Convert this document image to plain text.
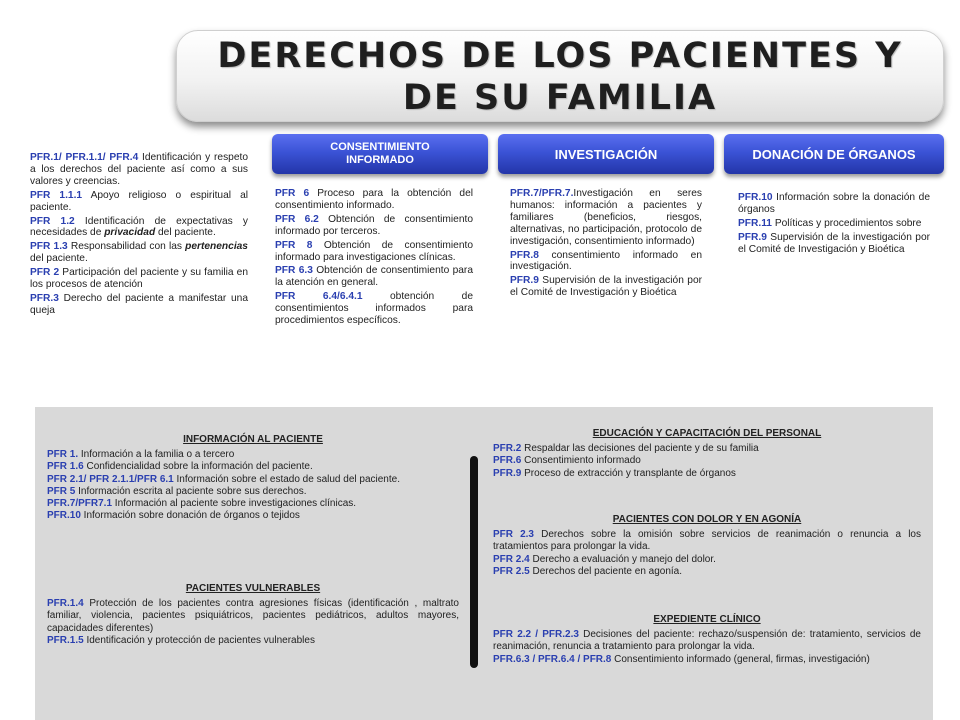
DERECHOS DE LOS PACIENTES Y
DE SU FAMILIA

PFR.1/ PFR.1.1/ PFR.4 Identificación y respeto a los derechos del paciente así como a sus valores y creencias.

PFR 1.1.1 Apoyo religioso o espiritual al paciente.

PFR 1.2 Identificación de expectativas y necesidades de privacidad del paciente.

PFR 1.3 Responsabilidad con las pertenencias del paciente.

PFR 2 Participación del paciente y su familia en los procesos de atención

PFR.3 Derecho del paciente a manifestar una queja

CONSENTIMIENTO
INFORMADO	INVESTIGACIÓN	DONACIÓN DE ÓRGANOS

PFR 6 Proceso para la obtención del consentimiento informado.

PFR 6.2 Obtención de consentimiento informado por terceros.

PFR 8 Obtención de consentimiento informado para investigaciones clínicas.

PFR 6.3 Obtención de consentimiento para la atención en general.

PFR 6.4/6.4.1 obtención de consentimientos informados para procedimientos específicos.

PFR.7/PFR.7.Investigación en seres humanos: información a pacientes y familiares (beneficios, riesgos, alternativas, no participación, protocolo de investigación, consentimiento informado)

PFR.8 consentimiento informado en investigación.

PFR.9 Supervisión de la investigación por el Comité de Investigación y Bioética

PFR.10 Información sobre la donación de órganos

PFR.11 Políticas y procedimientos sobre

PFR.9 Supervisión de la investigación por el Comité de Investigación y Bioética

INFORMACIÓN AL PACIENTE

PFR 1. Información a la familia o a tercero

PFR 1.6 Confidencialidad sobre la información del paciente.

PFR 2.1/ PFR 2.1.1/PFR 6.1 Información sobre el estado de salud del paciente.

PFR 5 Información escrita al paciente sobre sus derechos.

PFR.7/PFR7.1 Información al paciente sobre investigaciones clínicas.

PFR.10 Información sobre donación de órganos o tejidos

PACIENTES VULNERABLES

PFR.1.4 Protección de los pacientes contra agresiones físicas (identificación , maltrato familiar, violencia, pacientes psiquiátricos, pacientes pediátricos, adultos mayores, capacidades diferentes)

PFR.1.5 Identificación y protección de pacientes vulnerables

EDUCACIÓN Y CAPACITACIÓN DEL PERSONAL

PFR.2 Respaldar las decisiones del paciente y de su familia

PFR.6 Consentimiento informado

PFR.9 Proceso de extracción y transplante de órganos

PACIENTES CON DOLOR Y EN AGONÍA

PFR 2.3 Derechos sobre la omisión sobre servicios de reanimación o renuncia a los tratamientos para prolongar la vida.

PFR 2.4 Derecho a evaluación y manejo del dolor.

PFR 2.5 Derechos del paciente en agonía.

EXPEDIENTE CLÍNICO

PFR 2.2 / PFR.2.3 Decisiones del paciente: rechazo/suspensión de: tratamiento, servicios de reanimación, renuncia a tratamiento para prolongar la vida.

PFR.6.3 / PFR.6.4 / PFR.8 Consentimiento informado (general, firmas, investigación)
